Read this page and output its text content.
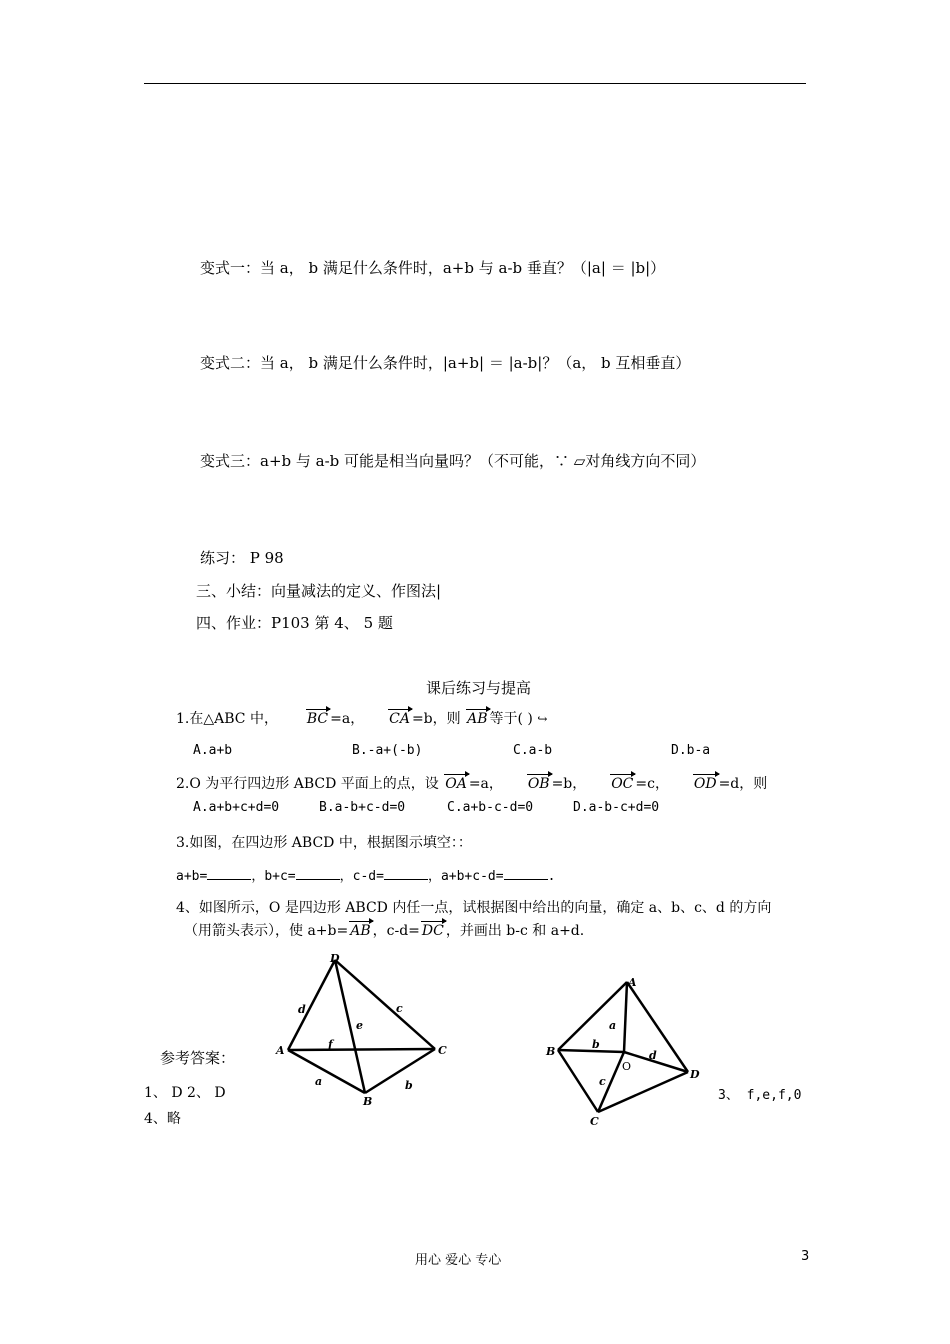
变式一：当 a， b 满足什么条件时，a+b 与 a-b 垂直？（|a| ＝ |b|）
变式二：当 a， b 满足什么条件时，|a+b| ＝ |a-b|？（a， b 互相垂直）
变式三：a+b 与 a-b 可能是相当向量吗？（不可能，∵ ▱对角线方向不同）
练习： P 98
三、小结：向量减法的定义、作图法|
四、作业：P103 第 4、 5 题
课后练习与提高
1.在△ABC 中， BC =a， CA =b，则 AB 等于( ) ↪
A.a+b	B.-a+(-b)	C.a-b	D.b-a
2.O 为平行四边形 ABCD 平面上的点，设 OA =a， OB =b， OC =c， OD =d，则
A.a+b+c+d=0	B.a-b+c-d=0	C.a+b-c-d=0	D.a-b-c+d=0
3.如图，在四边形 ABCD 中，根据图示填空：：
a+b=	，b+c=	，c-d=	，a+b+c-d=	.
4、如图所示，O 是四边形 ABCD 内任一点，试根据图中给出的向量，确定 a、b、c、d 的方向
（用箭头表示），使 a+b= AB ，c-d= DC ，并画出 b-c 和 a+d.
D
A	C
B
d	c
e
f
a	b
A
B
C
D
O
a
b
c
d
参考答案：
1、 D 2、 D	3、 f,e,f,0
4、略
用心 爱心 专心	3
